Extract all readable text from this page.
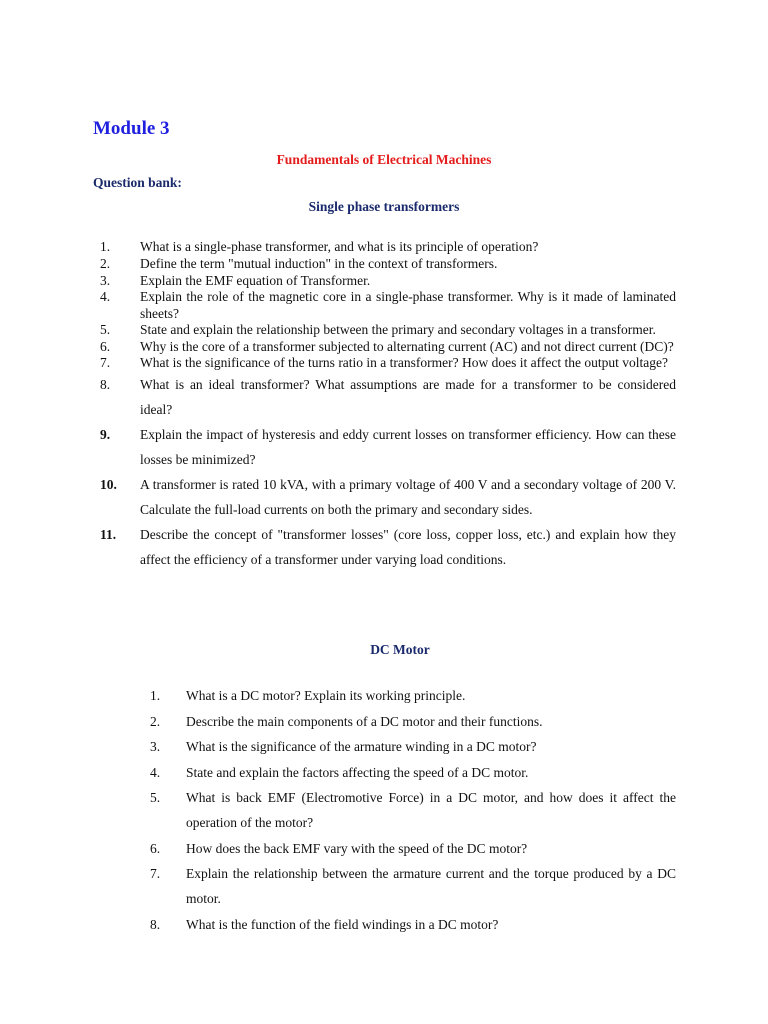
Module 3
Fundamentals of Electrical Machines
Question bank:
Single phase transformers
1.	What is a single-phase transformer, and what is its principle of operation?
2.	Define the term "mutual induction" in the context of transformers.
3.	Explain the EMF equation of Transformer.
4.	Explain the role of the magnetic core in a single-phase transformer. Why is it made of laminated sheets?
5.	State and explain the relationship between the primary and secondary voltages in a transformer.
6.	Why is the core of a transformer subjected to alternating current (AC) and not direct current (DC)?
7.	What is the significance of the turns ratio in a transformer? How does it affect the output voltage?
8.	What is an ideal transformer? What assumptions are made for a transformer to be considered ideal?
9.	Explain the impact of hysteresis and eddy current losses on transformer efficiency. How can these losses be minimized?
10.	A transformer is rated 10 kVA, with a primary voltage of 400 V and a secondary voltage of 200 V. Calculate the full-load currents on both the primary and secondary sides.
11.	Describe the concept of "transformer losses" (core loss, copper loss, etc.) and explain how they affect the efficiency of a transformer under varying load conditions.
DC Motor
1.	What is a DC motor? Explain its working principle.
2.	Describe the main components of a DC motor and their functions.
3.	What is the significance of the armature winding in a DC motor?
4.	State and explain the factors affecting the speed of a DC motor.
5.	What is back EMF (Electromotive Force) in a DC motor, and how does it affect the operation of the motor?
6.	How does the back EMF vary with the speed of the DC motor?
7.	Explain the relationship between the armature current and the torque produced by a DC motor.
8.	What is the function of the field windings in a DC motor?
